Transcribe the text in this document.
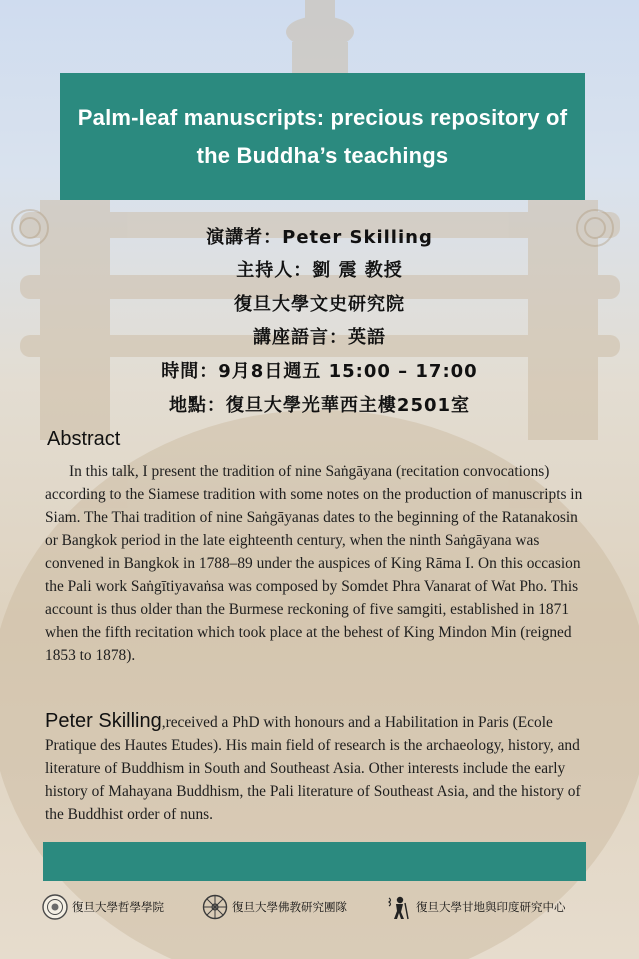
Palm-leaf manuscripts: precious repository of the Buddha’s teachings
演講者：Peter Skilling
主持人：劉 震 教授
復旦大學文史研究院
講座語言：英語
時間：9月8日週五 15:00 – 17:00
地點：復旦大學光華西主樓2501室
Abstract

In this talk, I present the tradition of nine Saṅgāyana (recitation convocations) according to the Siamese tradition with some notes on the production of manuscripts in Siam. The Thai tradition of nine Saṅgāyanas dates to the beginning of the Ratanakosin or Bangkok period in the late eighteenth century, when the ninth Saṅgāyana was convened in Bangkok in 1788–89 under the auspices of King Rāma I. On this occasion the Pali work Saṅgītiyavaṅsa was composed by Somdet Phra Vanarat of Wat Pho. This account is thus older than the Burmese reckoning of five samgiti, established in 1871 when the fifth recitation which took place at the behest of King Mindon Min (reigned 1853 to 1878).

Peter Skilling,received a PhD with honours and a Habilitation in Paris (Ecole Pratique des Hautes Etudes). His main field of research is the archaeology, history, and literature of Buddhism in South and Southeast Asia. Other interests include the early history of Mahayana Buddhism, the Pali literature of Southeast Asia, and the history of the Buddhist order of nuns.

復旦大學哲學學院	復旦大學佛教研究團隊	復旦大學甘地與印度研究中心
